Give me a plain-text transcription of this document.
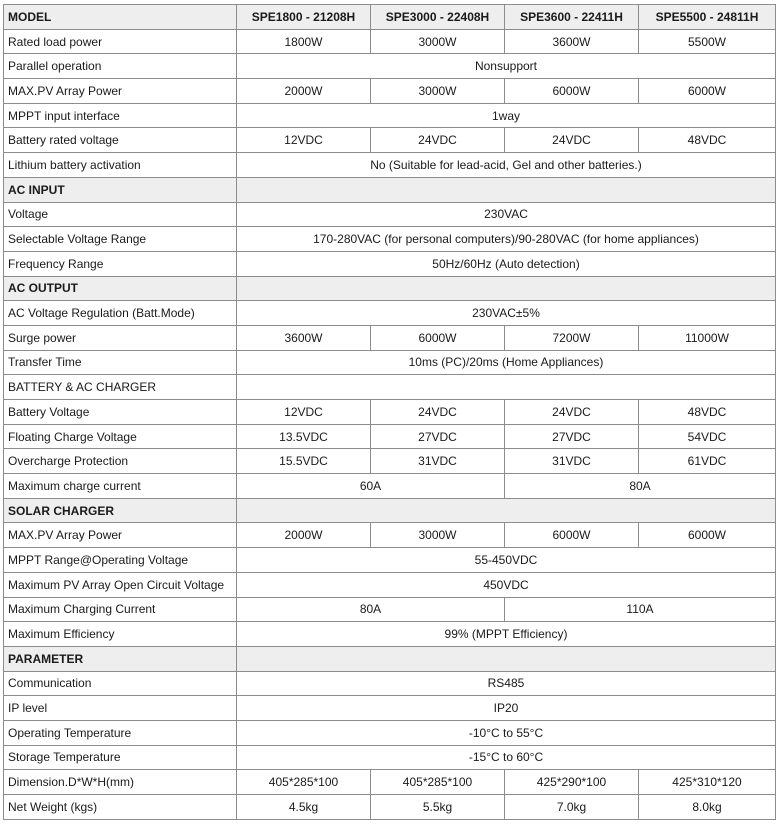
MODEL	SPE1800 - 21208H	SPE3000 - 22408H	SPE3600 - 22411H	SPE5500 - 24811H
Rated load power	1800W	3000W	3600W	5500W
Parallel operation	Nonsupport			
MAX.PV Array Power	2000W	3000W	6000W	6000W
MPPT input interface	1way			
Battery rated voltage	12VDC	24VDC	24VDC	48VDC
Lithium battery activation	No (Suitable for lead-acid, Gel and other batteries.)			
AC INPUT				
Voltage	230VAC			
Selectable Voltage Range	170-280VAC (for personal computers)/90-280VAC (for home appliances)			
Frequency Range	50Hz/60Hz (Auto detection)			
AC OUTPUT				
AC Voltage Regulation (Batt.Mode)	230VAC±5%			
Surge power	3600W	6000W	7200W	11000W
Transfer Time	10ms (PC)/20ms (Home Appliances)			
BATTERY & AC CHARGER				
Battery Voltage	12VDC	24VDC	24VDC	48VDC
Floating Charge Voltage	13.5VDC	27VDC	27VDC	54VDC
Overcharge Protection	15.5VDC	31VDC	31VDC	61VDC
Maximum charge current	60A		80A	
SOLAR CHARGER				
MAX.PV Array Power	2000W	3000W	6000W	6000W
MPPT Range@Operating Voltage	55-450VDC			
Maximum PV Array Open Circuit Voltage	450VDC			
Maximum Charging Current	80A		110A	
Maximum Efficiency	99% (MPPT Efficiency)			
PARAMETER				
Communication	RS485			
IP level	IP20			
Operating Temperature	-10°C to 55°C			
Storage Temperature	-15°C to 60°C			
Dimension.D*W*H(mm)	405*285*100	405*285*100	425*290*100	425*310*120
Net Weight (kgs)	4.5kg	5.5kg	7.0kg	8.0kg
